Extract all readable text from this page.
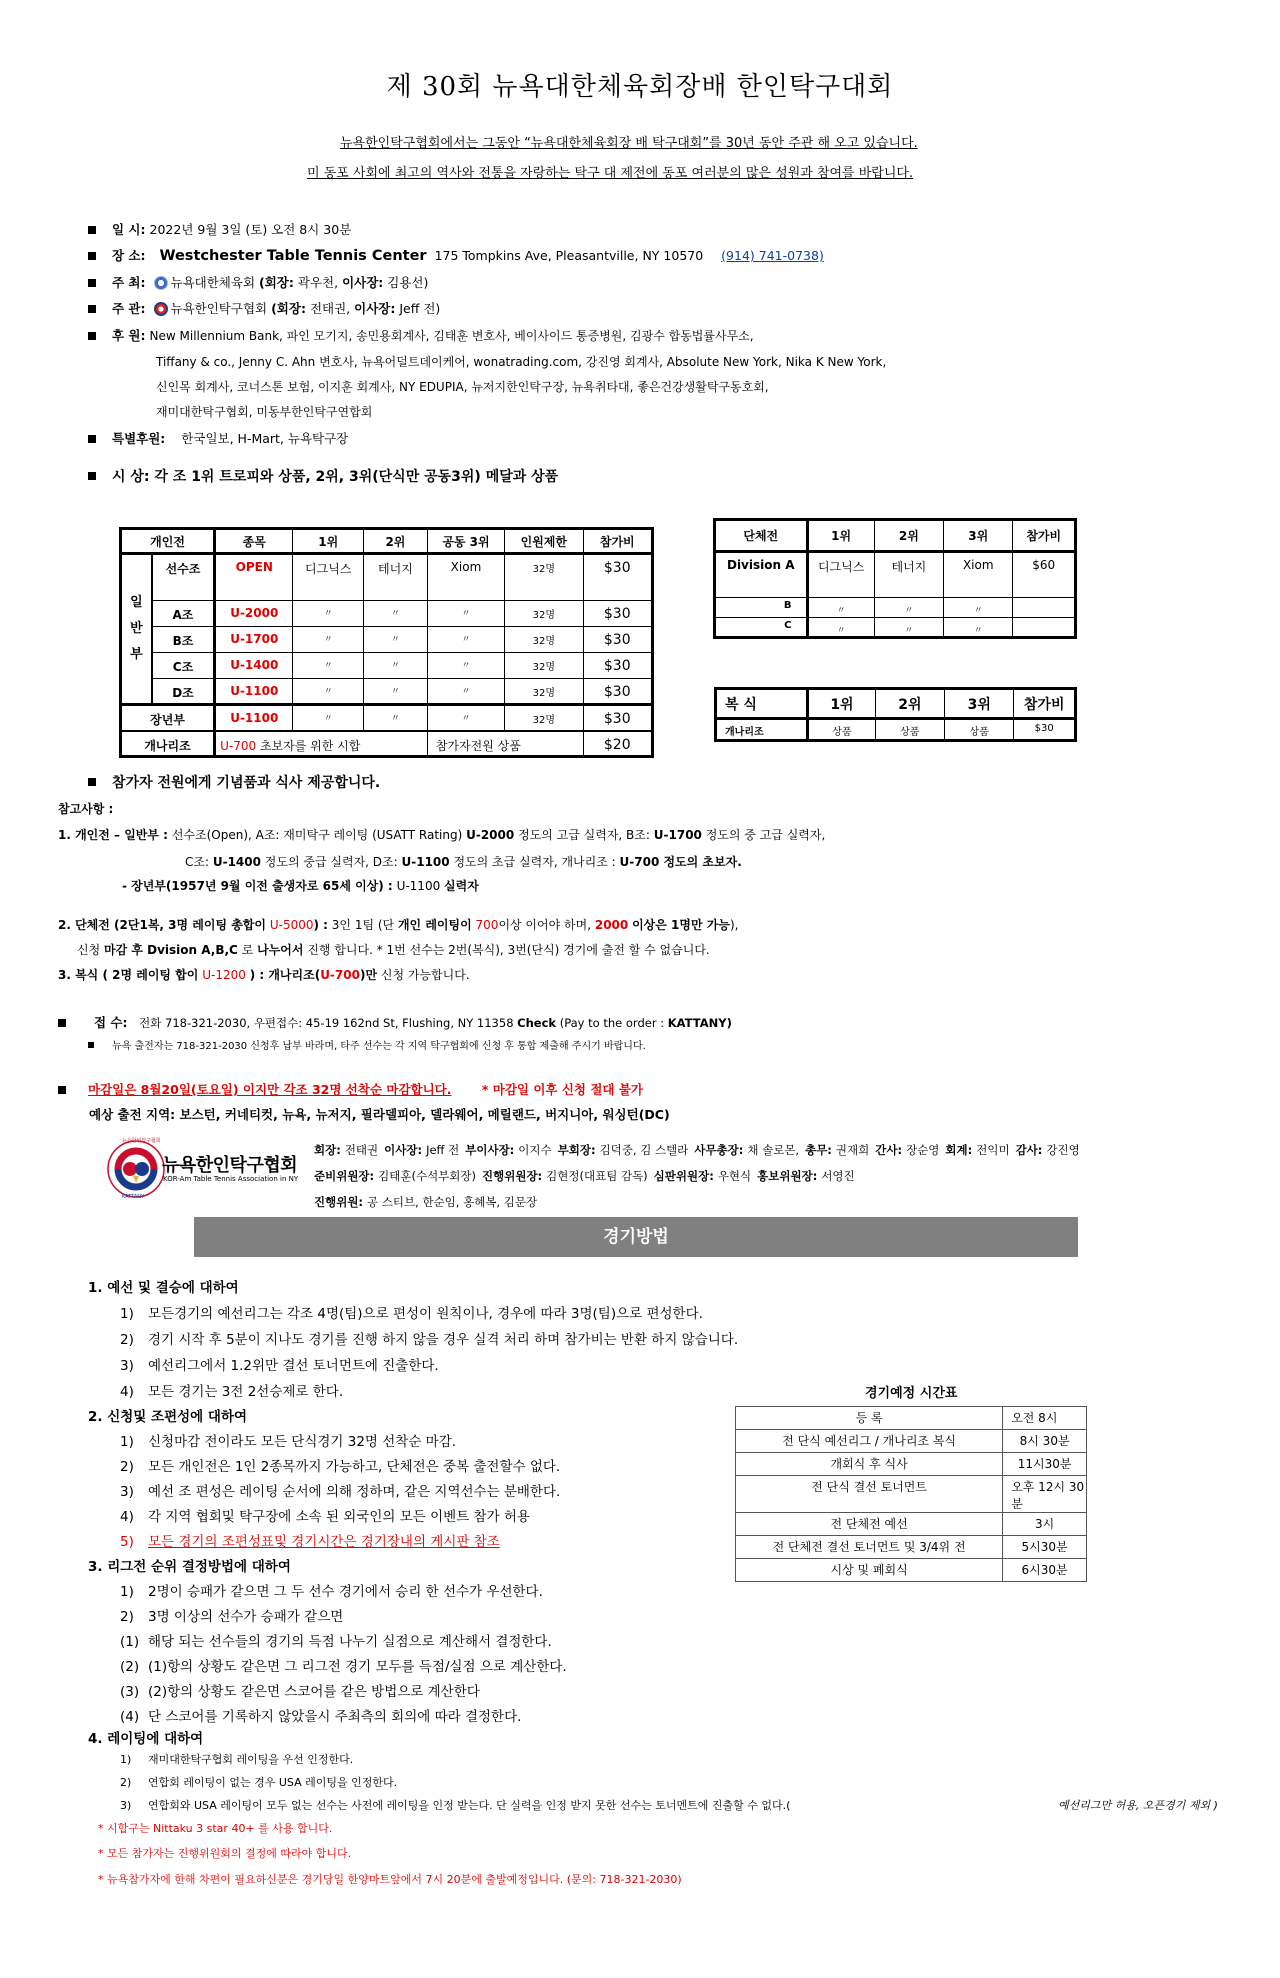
제 30회 뉴욕대한체육회장배 한인탁구대회
뉴욕한인탁구협회에서는 그동안 “뉴욕대한체육회장 배 탁구대회”를 30년 동안 주관 해 오고 있습니다.
미 동포 사회에 최고의 역사와 전통을 자랑하는 탁구 대 제전에 동포 여러분의 많은 성원과 참여를 바랍니다.
일 시: 2022년 9월 3일 (토) 오전 8시 30분
장 소: Westchester Table Tennis Center 175 Tompkins Ave, Pleasantville, NY 10570 (914) 741-0738)
주 최: 뉴욕대한체육회 (회장: 곽우천, 이사장: 김용선)
주 관: 뉴욕한인탁구협회 (회장: 전태권, 이사장: Jeff 전)
후 원: New Millennium Bank, 파인 모기지, 송민용회계사, 김태훈 변호사, 베이사이드 통증병원, 김광수 합동법률사무소,
Tiffany & co., Jenny C. Ahn 변호사, 뉴욕어덜트데이케어, wonatrading.com, 강진영 회계사, Absolute New York, Nika K New York,
신인목 회계사, 코너스톤 보험, 이지훈 회계사, NY EDUPIA, 뉴저지한인탁구장, 뉴욕취타대, 좋은건강생활탁구동호회,
재미대한탁구협회, 미동부한인탁구연합회
특별후원: 한국일보, H-Mart, 뉴욕탁구장
시 상: 각 조 1위 트로피와 상품, 2위, 3위(단식만 공동3위) 메달과 상품
개인전		종목	1위	2위	공동 3위	인원제한	참가비
일 반 부	선수조	OPEN	디그닉스	테너지	Xiom	32명	$30
	A조	U-2000	〃	〃	〃	32명	$30
	B조	U-1700	〃	〃	〃	32명	$30
	C조	U-1400	〃	〃	〃	32명	$30
	D조	U-1100	〃	〃	〃	32명	$30
장년부		U-1100	〃	〃	〃	32명	$30
개나리조		U-700 초보자를 위한 시합			참가자전원 상품		$20
단체전	1위	2위	3위	참가비
Division A	디그닉스	테너지	Xiom	$60
B	〃	〃	〃	
C	〃	〃	〃	
복 식	1위	2위	3위	참가비
개나리조	상품	상품	상품	$30
참가자 전원에게 기념품과 식사 제공합니다.
참고사항 :
1. 개인전 – 일반부 : 선수조(Open), A조: 재미탁구 레이팅 (USATT Rating) U-2000 정도의 고급 실력자, B조: U-1700 정도의 중 고급 실력자,
C조: U-1400 정도의 중급 실력자, D조: U-1100 정도의 초급 실력자, 개나리조 : U-700 정도의 초보자.
- 장년부(1957년 9월 이전 출생자로 65세 이상) : U-1100 실력자
2. 단체전 (2단1복, 3명 레이팅 총합이 U-5000) : 3인 1팀 (단 개인 레이팅이 700이상 이어야 하며, 2000 이상은 1명만 가능),
신청 마감 후 Dvision A,B,C 로 나누어서 진행 합니다. * 1번 선수는 2번(복식), 3번(단식) 경기에 출전 할 수 없습니다.
3. 복식 ( 2명 레이팅 합이 U-1200 ) : 개나리조(U-700)만 신청 가능합니다.
접 수: 전화 718-321-2030, 우편접수: 45-19 162nd St, Flushing, NY 11358 Check (Pay to the order : KATTANY)
뉴욕 출전자는 718-321-2030 신청후 납부 바라며, 타주 선수는 각 지역 탁구협회에 신청 후 통합 제출해 주시기 바랍니다.
마감일은 8월20일(토요일) 이지만 각조 32명 선착순 마감합니다. * 마감일 이후 신청 절대 불가
예상 출전 지역: 보스턴, 커네티컷, 뉴욕, 뉴저지, 필라델피아, 델라웨어, 메릴랜드, 버지니아, 워싱턴(DC)
뉴욕한인탁구협회
KOR-Am Table Tennis Association in NY
뉴욕한인탁구협회
KATTANY
회장: 전태권 이사장: Jeff 전 부이사장: 이지수 부회장: 김덕중, 김 스텔라 사무총장: 채 솔로몬, 총무: 권재희 간사: 장순영 회계: 전익미 감사: 강진영
준비위원장: 김태훈(수석부회장) 진행위원장: 김현정(대표팀 감독) 심판위원장: 우현식 홍보위원장: 서영진
진행위원: 공 스티브, 한순임, 홍혜복, 김문장
경기방법
1. 예선 및 결승에 대하여
1) 모든경기의 예선리그는 각조 4명(팀)으로 편성이 원칙이나, 경우에 따라 3명(팀)으로 편성한다.
2) 경기 시작 후 5분이 지나도 경기를 진행 하지 않을 경우 실격 처리 하며 참가비는 반환 하지 않습니다.
3) 예선리그에서 1.2위만 결선 토너먼트에 진출한다.
4) 모든 경기는 3전 2선승제로 한다.
2. 신청및 조편성에 대하여
1) 신청마감 전이라도 모든 단식경기 32명 선착순 마감.
2) 모든 개인전은 1인 2종목까지 가능하고, 단체전은 중복 출전할수 없다.
3) 예선 조 편성은 레이팅 순서에 의해 정하며, 같은 지역선수는 분배한다.
4) 각 지역 협회및 탁구장에 소속 된 외국인의 모든 이벤트 참가 허용
5) 모든 경기의 조편성표및 경기시간은 경기장내의 게시판 참조
3. 리그전 순위 결정방법에 대하여
1) 2명이 승패가 같으면 그 두 선수 경기에서 승리 한 선수가 우선한다.
2) 3명 이상의 선수가 승패가 같으면
(1) 해당 되는 선수들의 경기의 득점 나누기 실점으로 계산해서 결정한다.
(2) (1)항의 상황도 같은면 그 리그전 경기 모두를 득점/실점 으로 계산한다.
(3) (2)항의 상황도 같은면 스코어를 같은 방법으로 계산한다
(4) 단 스코어를 기록하지 않았을시 주최측의 회의에 따라 결정한다.
4. 레이팅에 대하여
1) 재미대한탁구협회 레이팅을 우선 인정한다.
2) 연합회 레이팅이 없는 경우 USA 레이팅을 인정한다.
3) 연합회와 USA 레이팅이 모두 없는 선수는 사전에 레이팅을 인정 받는다. 단 실력을 인정 받지 못한 선수는 토너멘트에 진출할 수 없다.(	예선리그만 허용, 오픈경기 제외 )
* 시합구는 Nittaku 3 star 40+ 를 사용 합니다.
* 모든 참가자는 진행위원회의 결정에 따라야 합니다.
* 뉴욕참가자에 한해 차편이 필요하신분은 경기당일 한양마트앞에서 7시 20분에 출발예정입니다. (문의: 718-321-2030)
경기예정 시간표
등 록	오전 8시
전 단식 예선리그 / 개나리조 복식	8시 30분
개회식 후 식사	11시30분
전 단식 결선 토너먼트	오후 12시 30분
전 단체전 예선	3시
전 단체전 결선 토너먼트 및 3/4위 전	5시30분
시상 및 폐회식	6시30분
